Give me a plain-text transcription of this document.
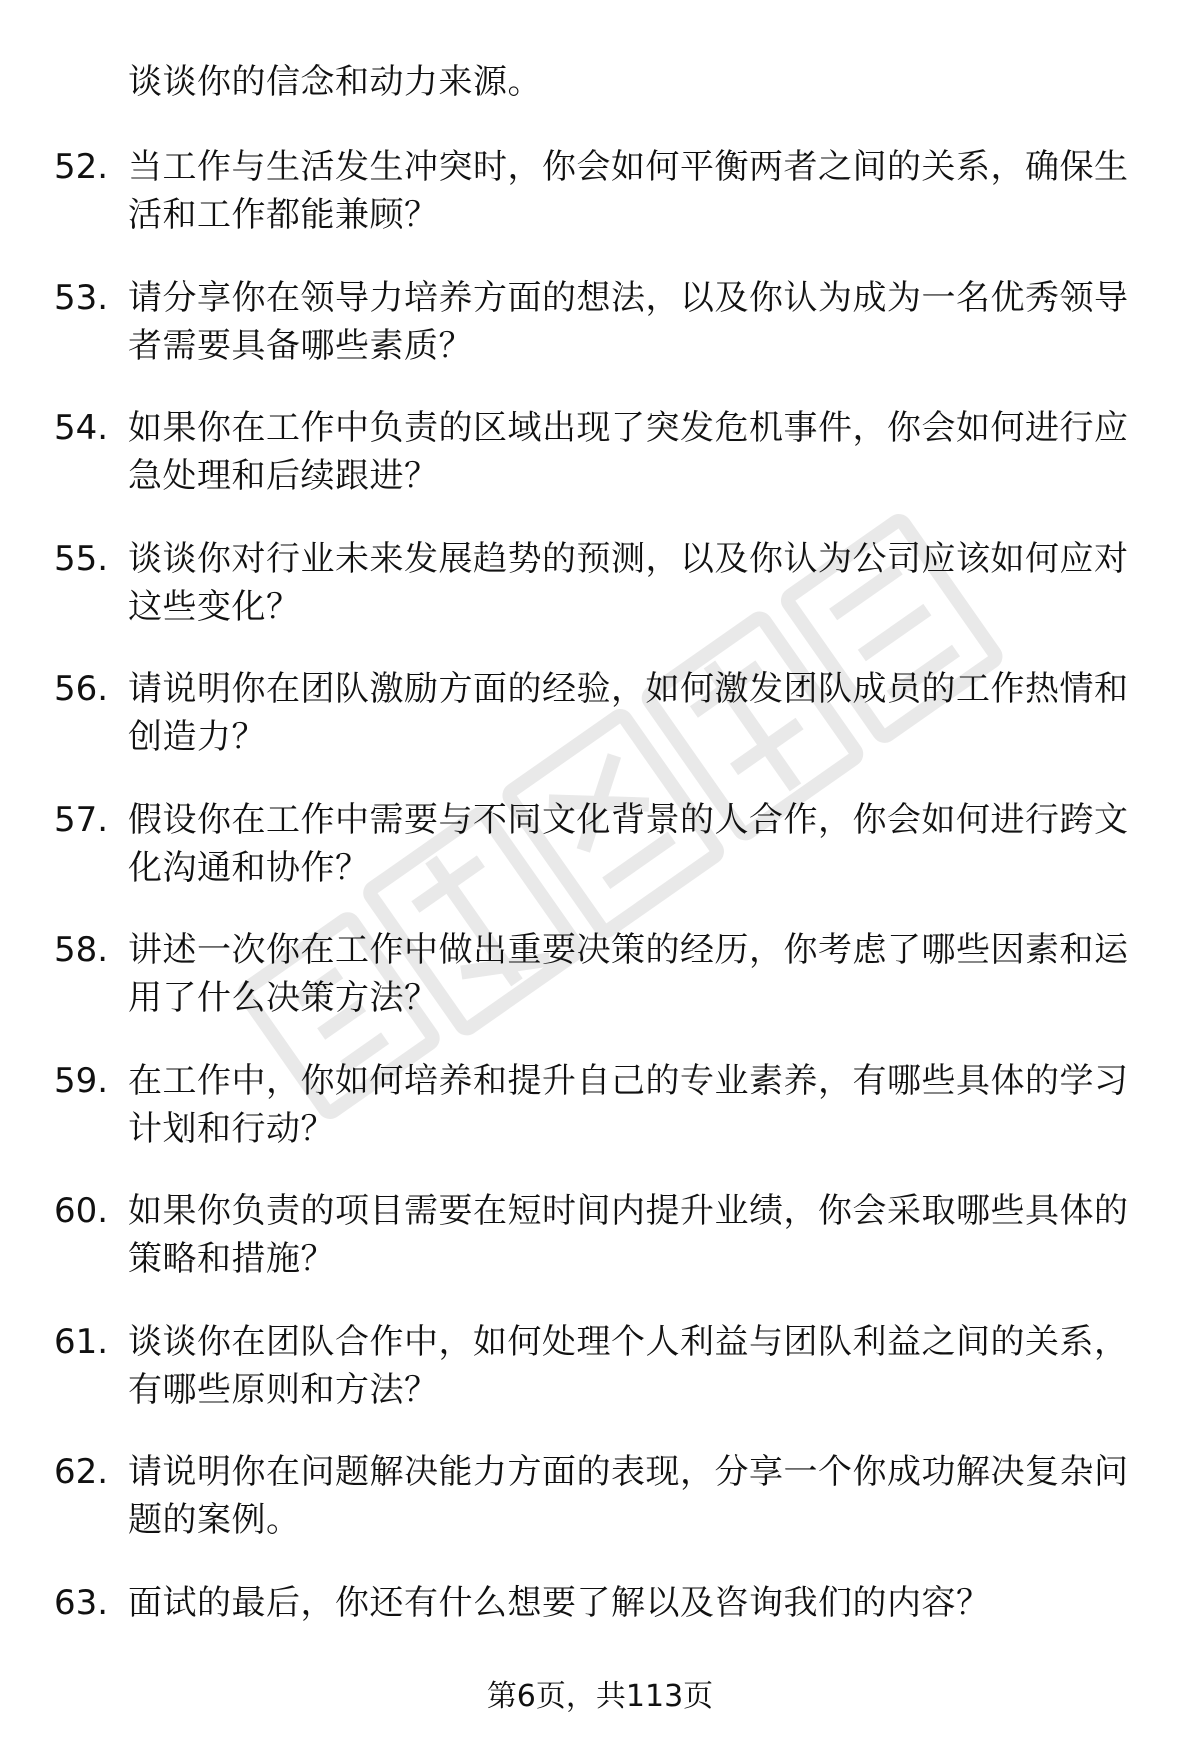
谈谈你的信念和动力来源。

52. 当工作与生活发生冲突时，你会如何平衡两者之间的关系，确保生活和工作都能兼顾？
53. 请分享你在领导力培养方面的想法，以及你认为成为一名优秀领导者需要具备哪些素质？
54. 如果你在工作中负责的区域出现了突发危机事件，你会如何进行应急处理和后续跟进？
55. 谈谈你对行业未来发展趋势的预测，以及你认为公司应该如何应对这些变化？
56. 请说明你在团队激励方面的经验，如何激发团队成员的工作热情和创造力？
57. 假设你在工作中需要与不同文化背景的人合作，你会如何进行跨文化沟通和协作？
58. 讲述一次你在工作中做出重要决策的经历，你考虑了哪些因素和运用了什么决策方法？
59. 在工作中，你如何培养和提升自己的专业素养，有哪些具体的学习计划和行动？
60. 如果你负责的项目需要在短时间内提升业绩，你会采取哪些具体的策略和措施？
61. 谈谈你在团队合作中，如何处理个人利益与团队利益之间的关系，有哪些原则和方法？
62. 请说明你在问题解决能力方面的表现，分享一个你成功解决复杂问题的案例。
63. 面试的最后，你还有什么想要了解以及咨询我们的内容？
第6页，共113页
